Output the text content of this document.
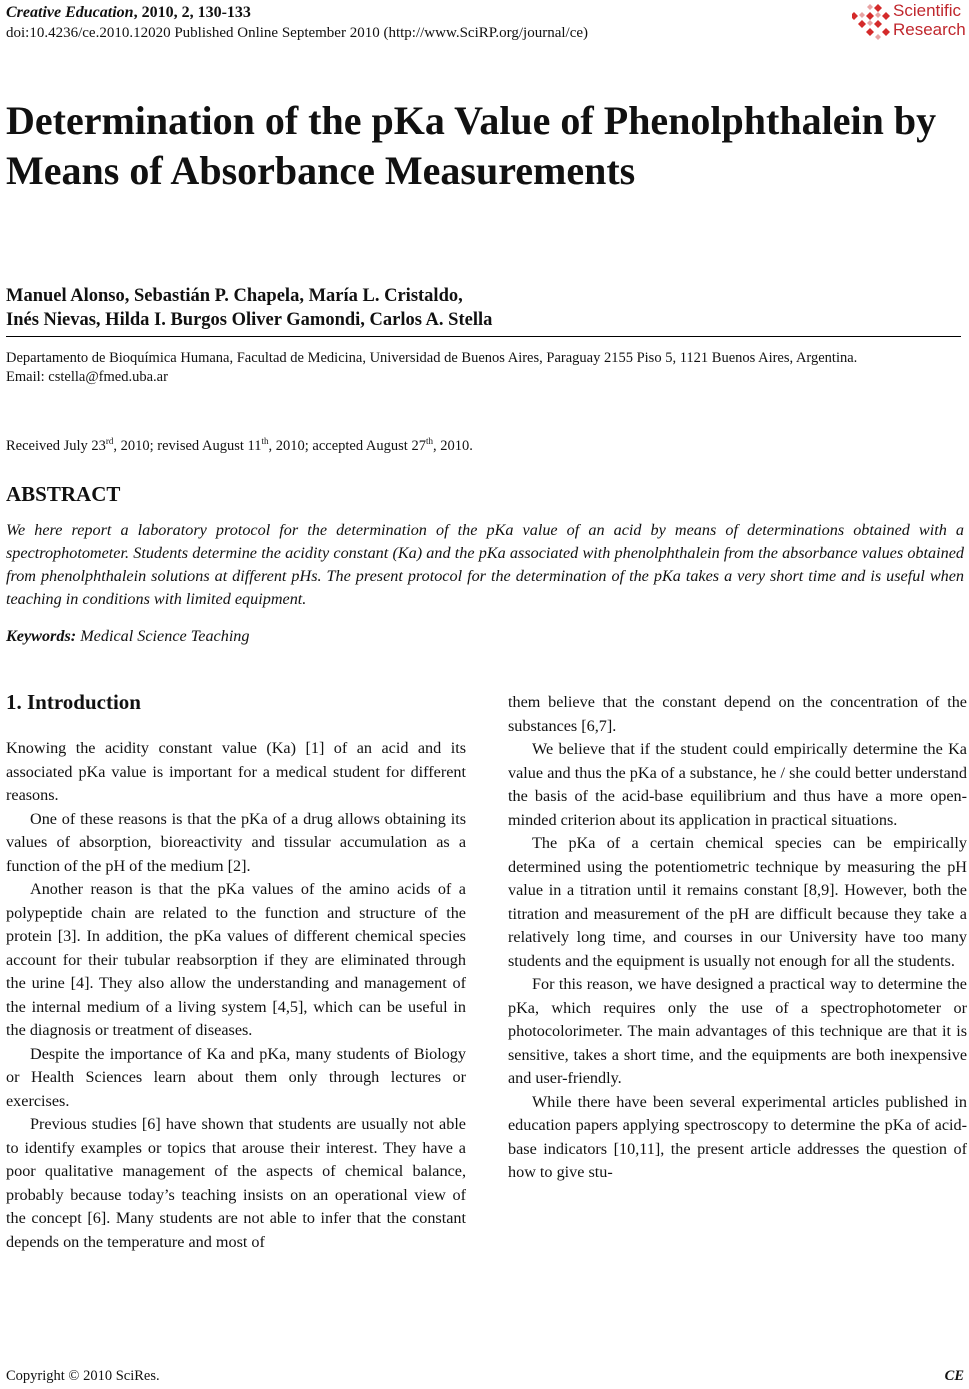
Creative Education, 2010, 2, 130-133
doi:10.4236/ce.2010.12020 Published Online September 2010 (http://www.SciRP.org/journal/ce)
Scientific
Research
Determination of the pKa Value of Phenolphthalein by Means of Absorbance Measurements
Manuel Alonso, Sebastián P. Chapela, María L. Cristaldo,
Inés Nievas, Hilda I. Burgos Oliver Gamondi, Carlos A. Stella
Departamento de Bioquímica Humana, Facultad de Medicina, Universidad de Buenos Aires, Paraguay 2155 Piso 5, 1121 Buenos Aires, Argentina.
Email: cstella@fmed.uba.ar
Received July 23rd, 2010; revised August 11th, 2010; accepted August 27th, 2010.
ABSTRACT
We here report a laboratory protocol for the determination of the pKa value of an acid by means of determinations obtained with a spectrophotometer. Students determine the acidity constant (Ka) and the pKa associated with phenolphthalein from the absorbance values obtained from phenolphthalein solutions at different pHs. The present protocol for the determination of the pKa takes a very short time and is useful when teaching in conditions with limited equipment.
Keywords: Medical Science Teaching
1. Introduction

Knowing the acidity constant value (Ka) [1] of an acid and its associated pKa value is important for a medical student for different reasons.

One of these reasons is that the pKa of a drug allows obtaining its values of absorption, bioreactivity and tissular accumulation as a function of the pH of the medium [2].

Another reason is that the pKa values of the amino acids of a polypeptide chain are related to the function and structure of the protein [3]. In addition, the pKa values of different chemical species account for their tubular reabsorption if they are eliminated through the urine [4]. They also allow the understanding and management of the internal medium of a living system [4,5], which can be useful in the diagnosis or treatment of diseases.

Despite the importance of Ka and pKa, many students of Biology or Health Sciences learn about them only through lectures or exercises.

Previous studies [6] have shown that students are usually not able to identify examples or topics that arouse their interest. They have a poor qualitative management of the aspects of chemical balance, probably because today’s teaching insists on an operational view of the concept [6]. Many students are not able to infer that the constant depends on the temperature and most of

them believe that the constant depend on the concentration of the substances [6,7].

We believe that if the student could empirically determine the Ka value and thus the pKa of a substance, he / she could better understand the basis of the acid-base equilibrium and thus have a more open-minded criterion about its application in practical situations.

The pKa of a certain chemical species can be empirically determined using the potentiometric technique by measuring the pH value in a titration until it remains constant [8,9]. However, both the titration and measurement of the pH are difficult because they take a relatively long time, and courses in our University have too many students and the equipment is usually not enough for all the students.

For this reason, we have designed a practical way to determine the pKa, which requires only the use of a spectrophotometer or photocolorimeter. The main advantages of this technique are that it is sensitive, takes a short time, and the equipments are both inexpensive and user-friendly.

While there have been several experimental articles published in education papers applying spectroscopy to determine the pKa of acid-base indicators [10,11], the present article addresses the question of how to give stu-

Copyright © 2010 SciRes.	CE
